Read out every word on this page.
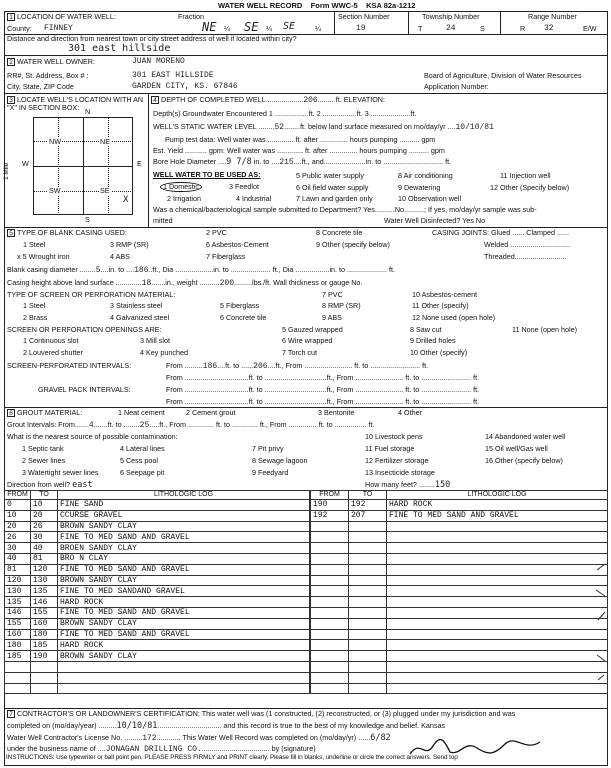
WATER WELL RECORD Form WWC-5 KSA 82a-1212
1 LOCATION OF WATER WELL:
County: FINNEY
Fraction
NE ¼ SE ¼ SE	¼
Section Number
19
Township Number
T	24	S
Range Number
R 32	E/W
Distance and direction from nearest town or city street address of well if located within city?
301 east hillside
2 WATER WELL OWNER:	JUAN MORENO
RR#, St. Address, Box # :	301 EAST HILLSIDE
City, State, ZIP Code	GARDEN CITY, KS. 67846
Board of Agriculture, Division of Water Resources
Application Number:
3 LOCATE WELL'S LOCATION WITH AN "X" IN SECTION BOX: N
S
W	E
NW	NE
SW	SE
X
1 Mile
4 DEPTH OF COMPLETED WELL ..................206........ ft. ELEVATION:
Depth(s) Groundwater Encountered 1 .................ft. 2 .................ft. 3 ....................ft.
WELL'S STATIC WATER LEVEL ........52........ft. below land surface measured on mo/day/yr ....10/10/81
Pump test data: Well water was ............. ft. after .............. hours pumping .......... gpm
Est. Yield ........... gpm: Well water was ............. ft. after .............. hours pumping .......... gpm
Bore Hole Diameter ....9 7/8 in. to ....215....ft., and.....................in. to .............................. ft.
WELL WATER TO BE USED AS:
1 Domestic	3 Feedlot
5 Public water supply	8 Air conditioning	11 Injection well
2 Irrigation	4 Industrial
6 Oil field water supply
7 Lawn and garden only
9 Dewatering
10 Observation well
12 Other (Specify below)
Was a chemical/bacteriological sample submitted to Department? Yes..........No..........; If yes, mo/day/yr sample was sub-
mitted	Water Well Disinfected? Yes No
5 TYPE OF BLANK CASING USED:	2 PVC	8 Concrete tile	CASING JOINTS: Glued ...... Clamped ......
1 Steel	3 RMP (SR)	6 Asbestos-Cement	9 Other (specify below)	Welded ..............................
x 5 Wrought iron	4 ABS	7 Fiberglass	Threaded..........................
Blank casing diameter ........5....in. to ....186..ft., Dia ...................in. to .................... ft., Dia .................in. to .................... ft.
Casing height above land surface .............18.......in., weight ..........200.........lbs./ft. Wall thickness or gauge No.
TYPE OF SCREEN OR PERFORATION MATERIAL:	7 PVC	10 Asbestos-cement
1 Steel	3 Stainless steel	5 Fiberglass	8 RMP (SR)	11 Other (specify)
2 Brass	4 Galvanized steel	6 Concrete tile	9 ABS	12 None used (open hole)
SCREEN OR PERFORATION OPENINGS ARE:	5 Gauzed wrapped	8 Saw cut	11 None (open hole)
1 Continuous slot	3 Mill slot	6 Wire wrapped	9 Drilled holes
2 Louvered shutter	4 Key punched	7 Torch cut	10 Other (specify)
SCREEN-PERFORATED INTERVALS:	From .........186....ft. to ......206....ft., From ........................ ft. to ......................... ft.
From ................................ft. to ...............................ft., From ........................ ft. to ......................... ft.
GRAVEL PACK INTERVALS:	From ................................ft. to ...............................ft., From ........................ ft. to ......................... ft.
From ................................ft. to ...............................ft., From ........................ ft. to ......................... ft.
6 GROUT MATERIAL:	1 Neat cement	2 Cement grout	3 Bentonite	4 Other
Grout Intervals: From.......4.......ft. to ........25.....ft., From ............. ft. to ............. ft., From .............. ft. to ................ ft.
What is the nearest source of possible contamination:
1 Septic tank	4 Lateral lines	7 Pit privy
10 Livestock pens	14 Abandoned water well
2 Sewer lines	5 Cess pool	8 Sewage lagoon
11 Fuel storage	15 Oil well/Gas well
3 Watertight sewer lines	6 Seepage pit	9 Feedyard
12 Fertilizer storage	16 Other (specify below)
13 Insecticide storage
Direction from well? east	How many feet? ........150
FROM	TO	LITHOLOGIC LOG
0	10	FINE SAND
10	20	CCURSE GRAVEL
20	26	BROWN SANDY CLAY
26	30	FINE TO MED SAND AND GRAVEL
30	40	BROEN SANDY CLAY
40	81	BRO N CLAY
81	120	FINE TO MED SAND AND GRAVEL
120	130	BROWN SANDY CLAY
130	135	FINE TO MED SANDAND GRAVEL
135	146	HARD ROCK
146	155	FINE TO MED SAND AND GRAVEL
155	160	BROWN SANDY CLAY
160	180	FINE TO MED SAND AND GRAVEL
180	185	HARD ROCK
185	190	BROWN SANDY CLAY

FROM	TO	LITHOLOGIC LOG
190	192	HARD ROCK
192	207	FINE TO MED SAND AND GRAVEL

7 CONTRACTOR'S OR LANDOWNER'S CERTIFICATION: This water well was (1 constructed, (2) reconstructed, or (3) plugged under my jurisdiction and was
completed on (mo/day/year) .........10/10/81................................ and this record is true to the best of my knowledge and belief. Kansas
Water Well Contractor's License No. .........172............ This Water Well Record was completed on (mo/day/yr) ......6/82
under the business name of ....JONAGAN DRILLING CO................................... by (signature)
INSTRUCTIONS: Use typewriter or ball point pen. PLEASE PRESS FIRMLY and PRINT clearly. Please fill in blanks, underline or circle the correct answers. Send top
